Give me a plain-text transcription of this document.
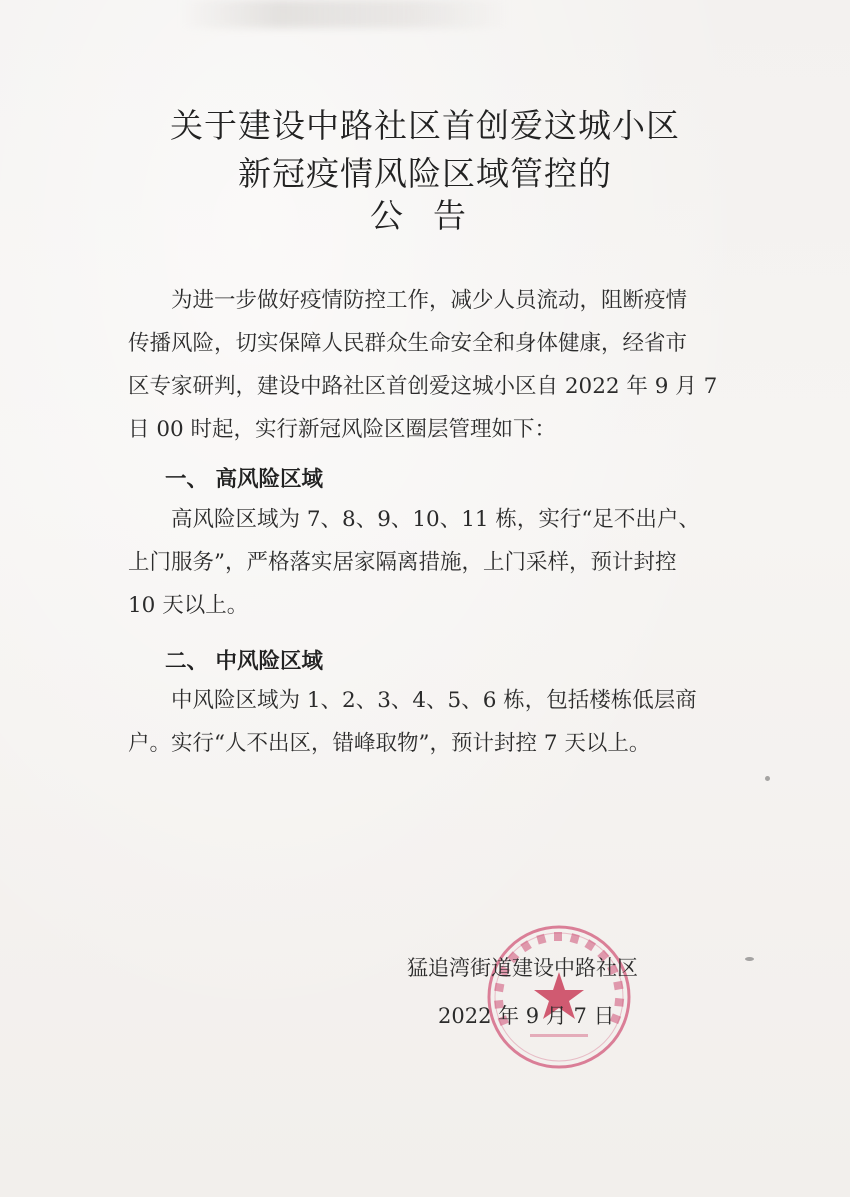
关于建设中路社区首创爱这城小区
新冠疫情风险区域管控的
公告
为进一步做好疫情防控工作，减少人员流动，阻断疫情
传播风险，切实保障人民群众生命安全和身体健康，经省市
区专家研判，建设中路社区首创爱这城小区自 2022 年 9 月 7
日 00 时起，实行新冠风险区圈层管理如下：
一、 高风险区域
高风险区域为 7、8、9、10、11 栋，实行“足不出户、
上门服务”，严格落实居家隔离措施，上门采样，预计封控
10 天以上。
二、 中风险区域
中风险区域为 1、2、3、4、5、6 栋，包括楼栋低层商
户。实行“人不出区，错峰取物”，预计封控 7 天以上。
猛追湾街道建设中路社区
2022 年 9 月 7 日
